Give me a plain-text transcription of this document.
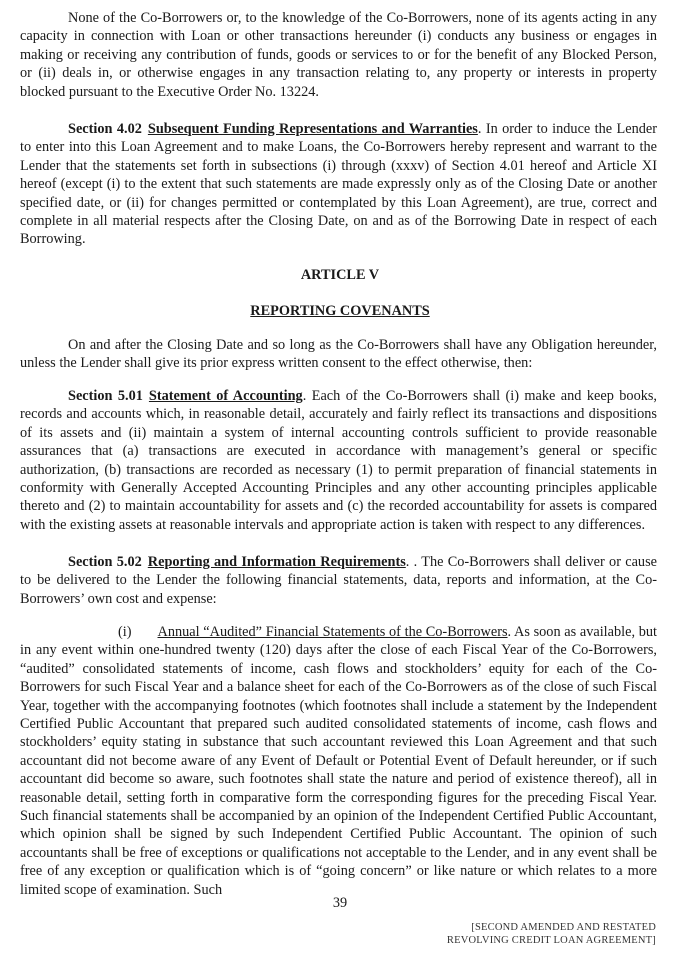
None of the Co-Borrowers or, to the knowledge of the Co-Borrowers, none of its agents acting in any capacity in connection with Loan or other transactions hereunder (i) conducts any business or engages in making or receiving any contribution of funds, goods or services to or for the benefit of any Blocked Person, or (ii) deals in, or otherwise engages in any transaction relating to, any property or interests in property blocked pursuant to the Executive Order No. 13224.

Section 4.02 Subsequent Funding Representations and Warranties. In order to induce the Lender to enter into this Loan Agreement and to make Loans, the Co-Borrowers hereby represent and warrant to the Lender that the statements set forth in subsections (i) through (xxxv) of Section 4.01 hereof and Article XI hereof (except (i) to the extent that such statements are made expressly only as of the Closing Date or another specified date, or (ii) for changes permitted or contemplated by this Loan Agreement), are true, correct and complete in all material respects after the Closing Date, on and as of the Borrowing Date in respect of each Borrowing.

ARTICLE V

REPORTING COVENANTS

On and after the Closing Date and so long as the Co-Borrowers shall have any Obligation hereunder, unless the Lender shall give its prior express written consent to the effect otherwise, then:

Section 5.01 Statement of Accounting. Each of the Co-Borrowers shall (i) make and keep books, records and accounts which, in reasonable detail, accurately and fairly reflect its transactions and dispositions of its assets and (ii) maintain a system of internal accounting controls sufficient to provide reasonable assurances that (a) transactions are executed in accordance with management’s general or specific authorization, (b) transactions are recorded as necessary (1) to permit preparation of financial statements in conformity with Generally Accepted Accounting Principles and any other accounting principles applicable thereto and (2) to maintain accountability for assets and (c) the recorded accountability for assets is compared with the existing assets at reasonable intervals and appropriate action is taken with respect to any differences.

Section 5.02 Reporting and Information Requirements. . The Co-Borrowers shall deliver or cause to be delivered to the Lender the following financial statements, data, reports and information, at the Co-Borrowers’ own cost and expense:

(i) Annual “Audited” Financial Statements of the Co-Borrowers. As soon as available, but in any event within one-hundred twenty (120) days after the close of each Fiscal Year of the Co-Borrowers, “audited” consolidated statements of income, cash flows and stockholders’ equity for each of the Co-Borrowers for such Fiscal Year and a balance sheet for each of the Co-Borrowers as of the close of such Fiscal Year, together with the accompanying footnotes (which footnotes shall include a statement by the Independent Certified Public Accountant that prepared such audited consolidated statements of income, cash flows and stockholders’ equity stating in substance that such accountant reviewed this Loan Agreement and that such accountant did not become aware of any Event of Default or Potential Event of Default hereunder, or if such accountant did become so aware, such footnotes shall state the nature and period of existence thereof), all in reasonable detail, setting forth in comparative form the corresponding figures for the preceding Fiscal Year. Such financial statements shall be accompanied by an opinion of the Independent Certified Public Accountant, which opinion shall be signed by such Independent Certified Public Accountant. The opinion of such accountants shall be free of exceptions or qualifications not acceptable to the Lender, and in any event shall be free of any exception or qualification which is of “going concern” or like nature or which relates to a more limited scope of examination. Such

39
[SECOND AMENDED AND RESTATED
REVOLVING CREDIT LOAN AGREEMENT]
